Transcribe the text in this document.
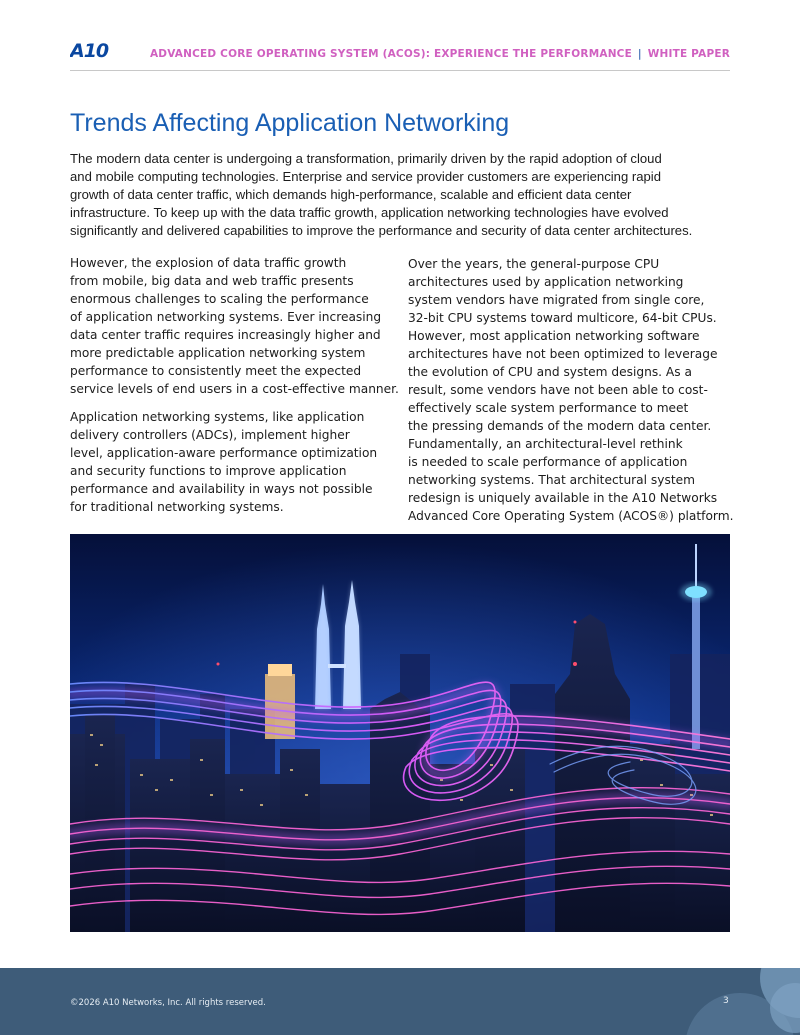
A10	ADVANCED CORE OPERATING SYSTEM (ACOS): EXPERIENCE THE PERFORMANCE | WHITE PAPER
Trends Affecting Application Networking
The modern data center is undergoing a transformation, primarily driven by the rapid adoption of cloud
and mobile computing technologies. Enterprise and service provider customers are experiencing rapid
growth of data center traffic, which demands high-performance, scalable and efficient data center
infrastructure. To keep up with the data traffic growth, application networking technologies have evolved
significantly and delivered capabilities to improve the performance and security of data center architectures.

However, the explosion of data traffic growth
from mobile, big data and web traffic presents
enormous challenges to scaling the performance
of application networking systems. Ever increasing
data center traffic requires increasingly higher and
more predictable application networking system
performance to consistently meet the expected
service levels of end users in a cost-effective manner.

Application networking systems, like application
delivery controllers (ADCs), implement higher
level, application-aware performance optimization
and security functions to improve application
performance and availability in ways not possible
for traditional networking systems.

Over the years, the general-purpose CPU
architectures used by application networking
system vendors have migrated from single core,
32-bit CPU systems toward multicore, 64-bit CPUs.
However, most application networking software
architectures have not been optimized to leverage
the evolution of CPU and system designs. As a
result, some vendors have not been able to cost-
effectively scale system performance to meet
the pressing demands of the modern data center.
Fundamentally, an architectural-level rethink
is needed to scale performance of application
networking systems. That architectural system
redesign is uniquely available in the A10 Networks
Advanced Core Operating System (ACOS®) platform.

©2026 A10 Networks, Inc. All rights reserved.	3
